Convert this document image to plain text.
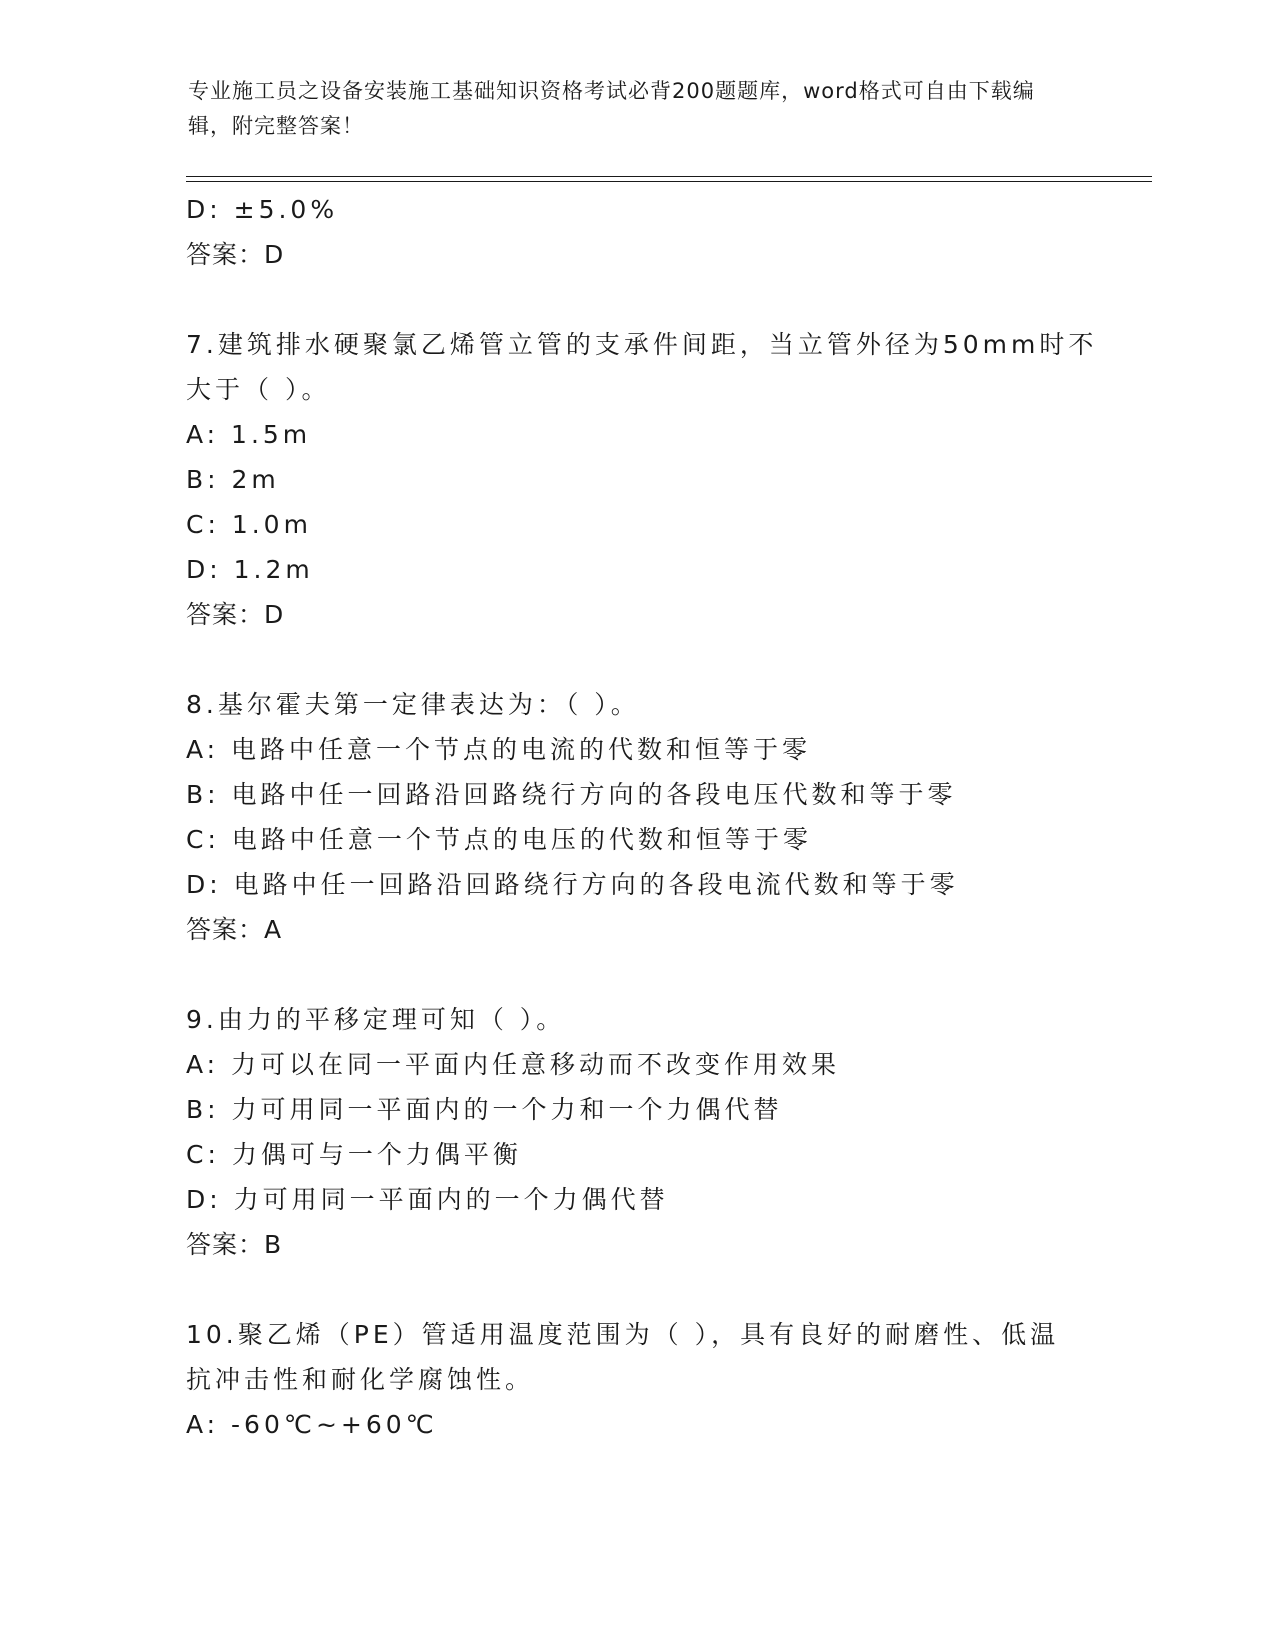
专业施工员之设备安装施工基础知识资格考试必背200题题库，word格式可自由下载编辑，附完整答案！
D: ±5.0%
答案：D
7.建筑排水硬聚氯乙烯管立管的支承件间距，当立管外径为50mm时不
大于（ ）。
A: 1.5m
B: 2m
C: 1.0m
D: 1.2m
答案：D
8.基尔霍夫第一定律表达为：（ ）。
A: 电路中任意一个节点的电流的代数和恒等于零
B: 电路中任一回路沿回路绕行方向的各段电压代数和等于零
C: 电路中任意一个节点的电压的代数和恒等于零
D: 电路中任一回路沿回路绕行方向的各段电流代数和等于零
答案：A
9.由力的平移定理可知（ ）。
A: 力可以在同一平面内任意移动而不改变作用效果
B: 力可用同一平面内的一个力和一个力偶代替
C: 力偶可与一个力偶平衡
D: 力可用同一平面内的一个力偶代替
答案：B
10.聚乙烯（PE）管适用温度范围为（ ），具有良好的耐磨性、低温
抗冲击性和耐化学腐蚀性。
A: -60℃~+60℃
